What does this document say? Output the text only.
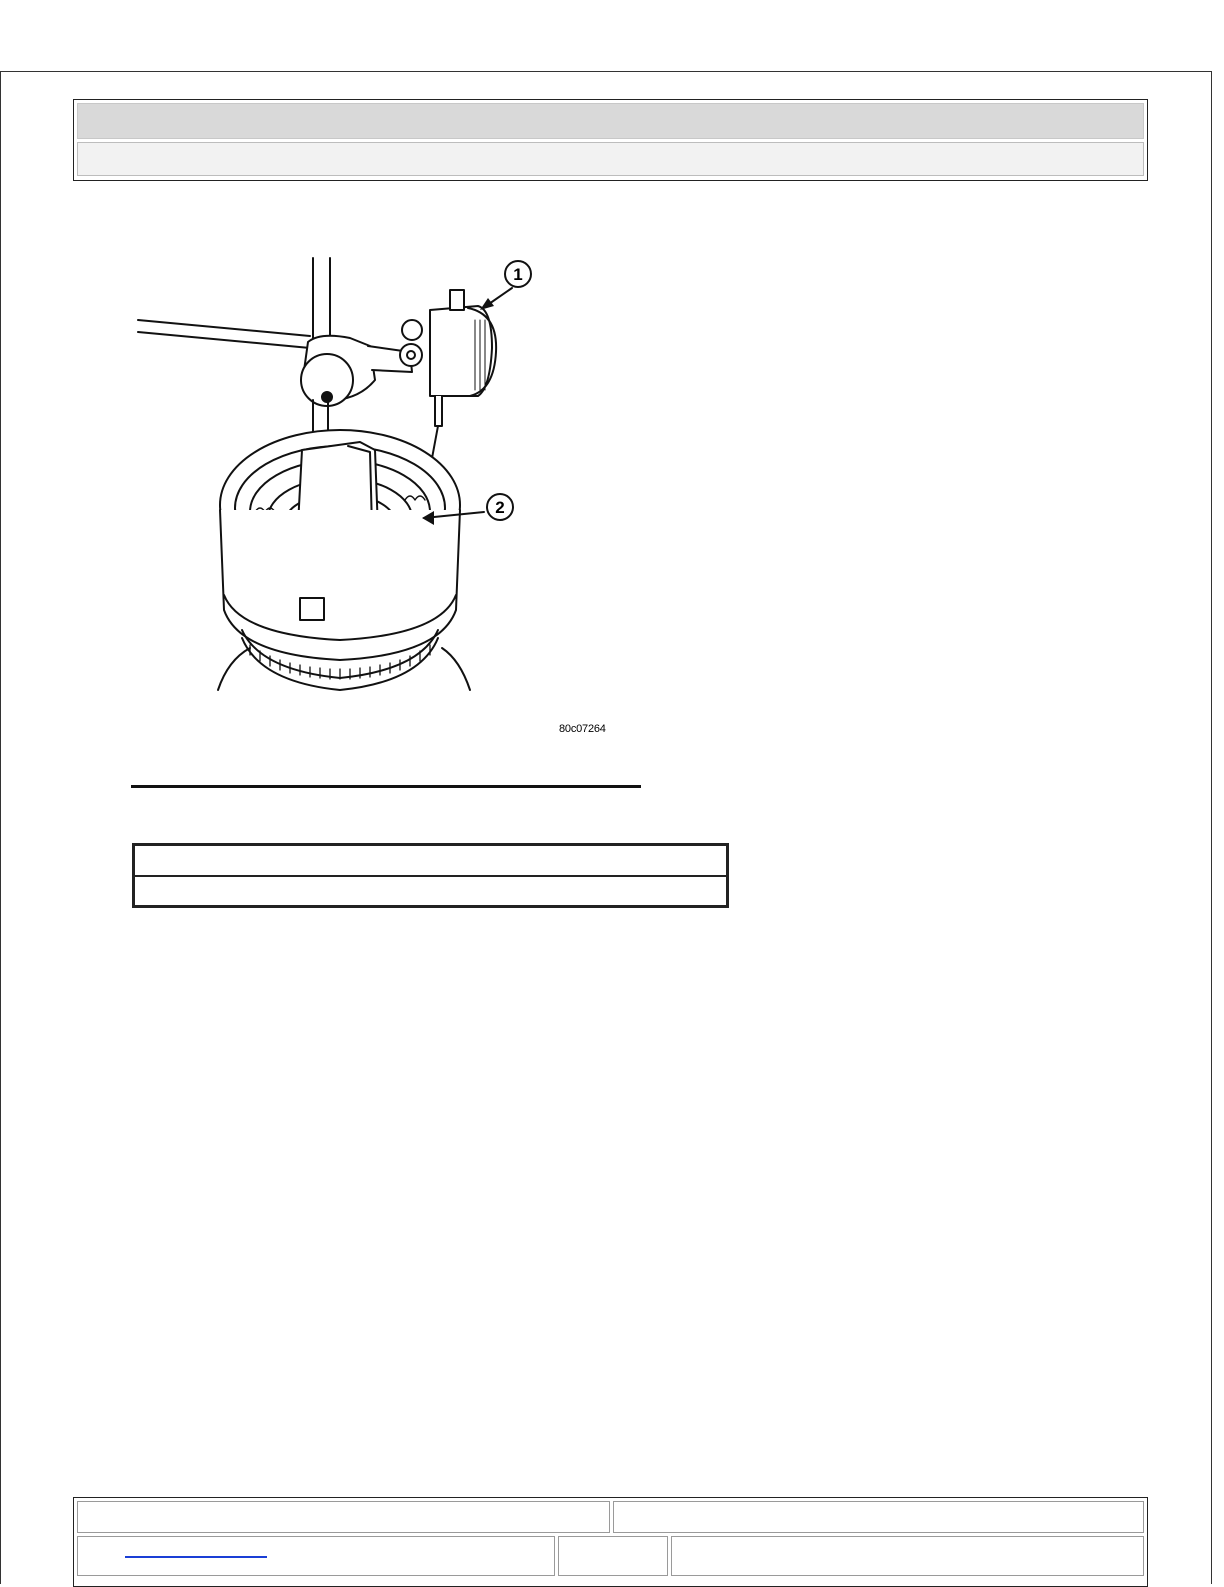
1
2
80c07264
